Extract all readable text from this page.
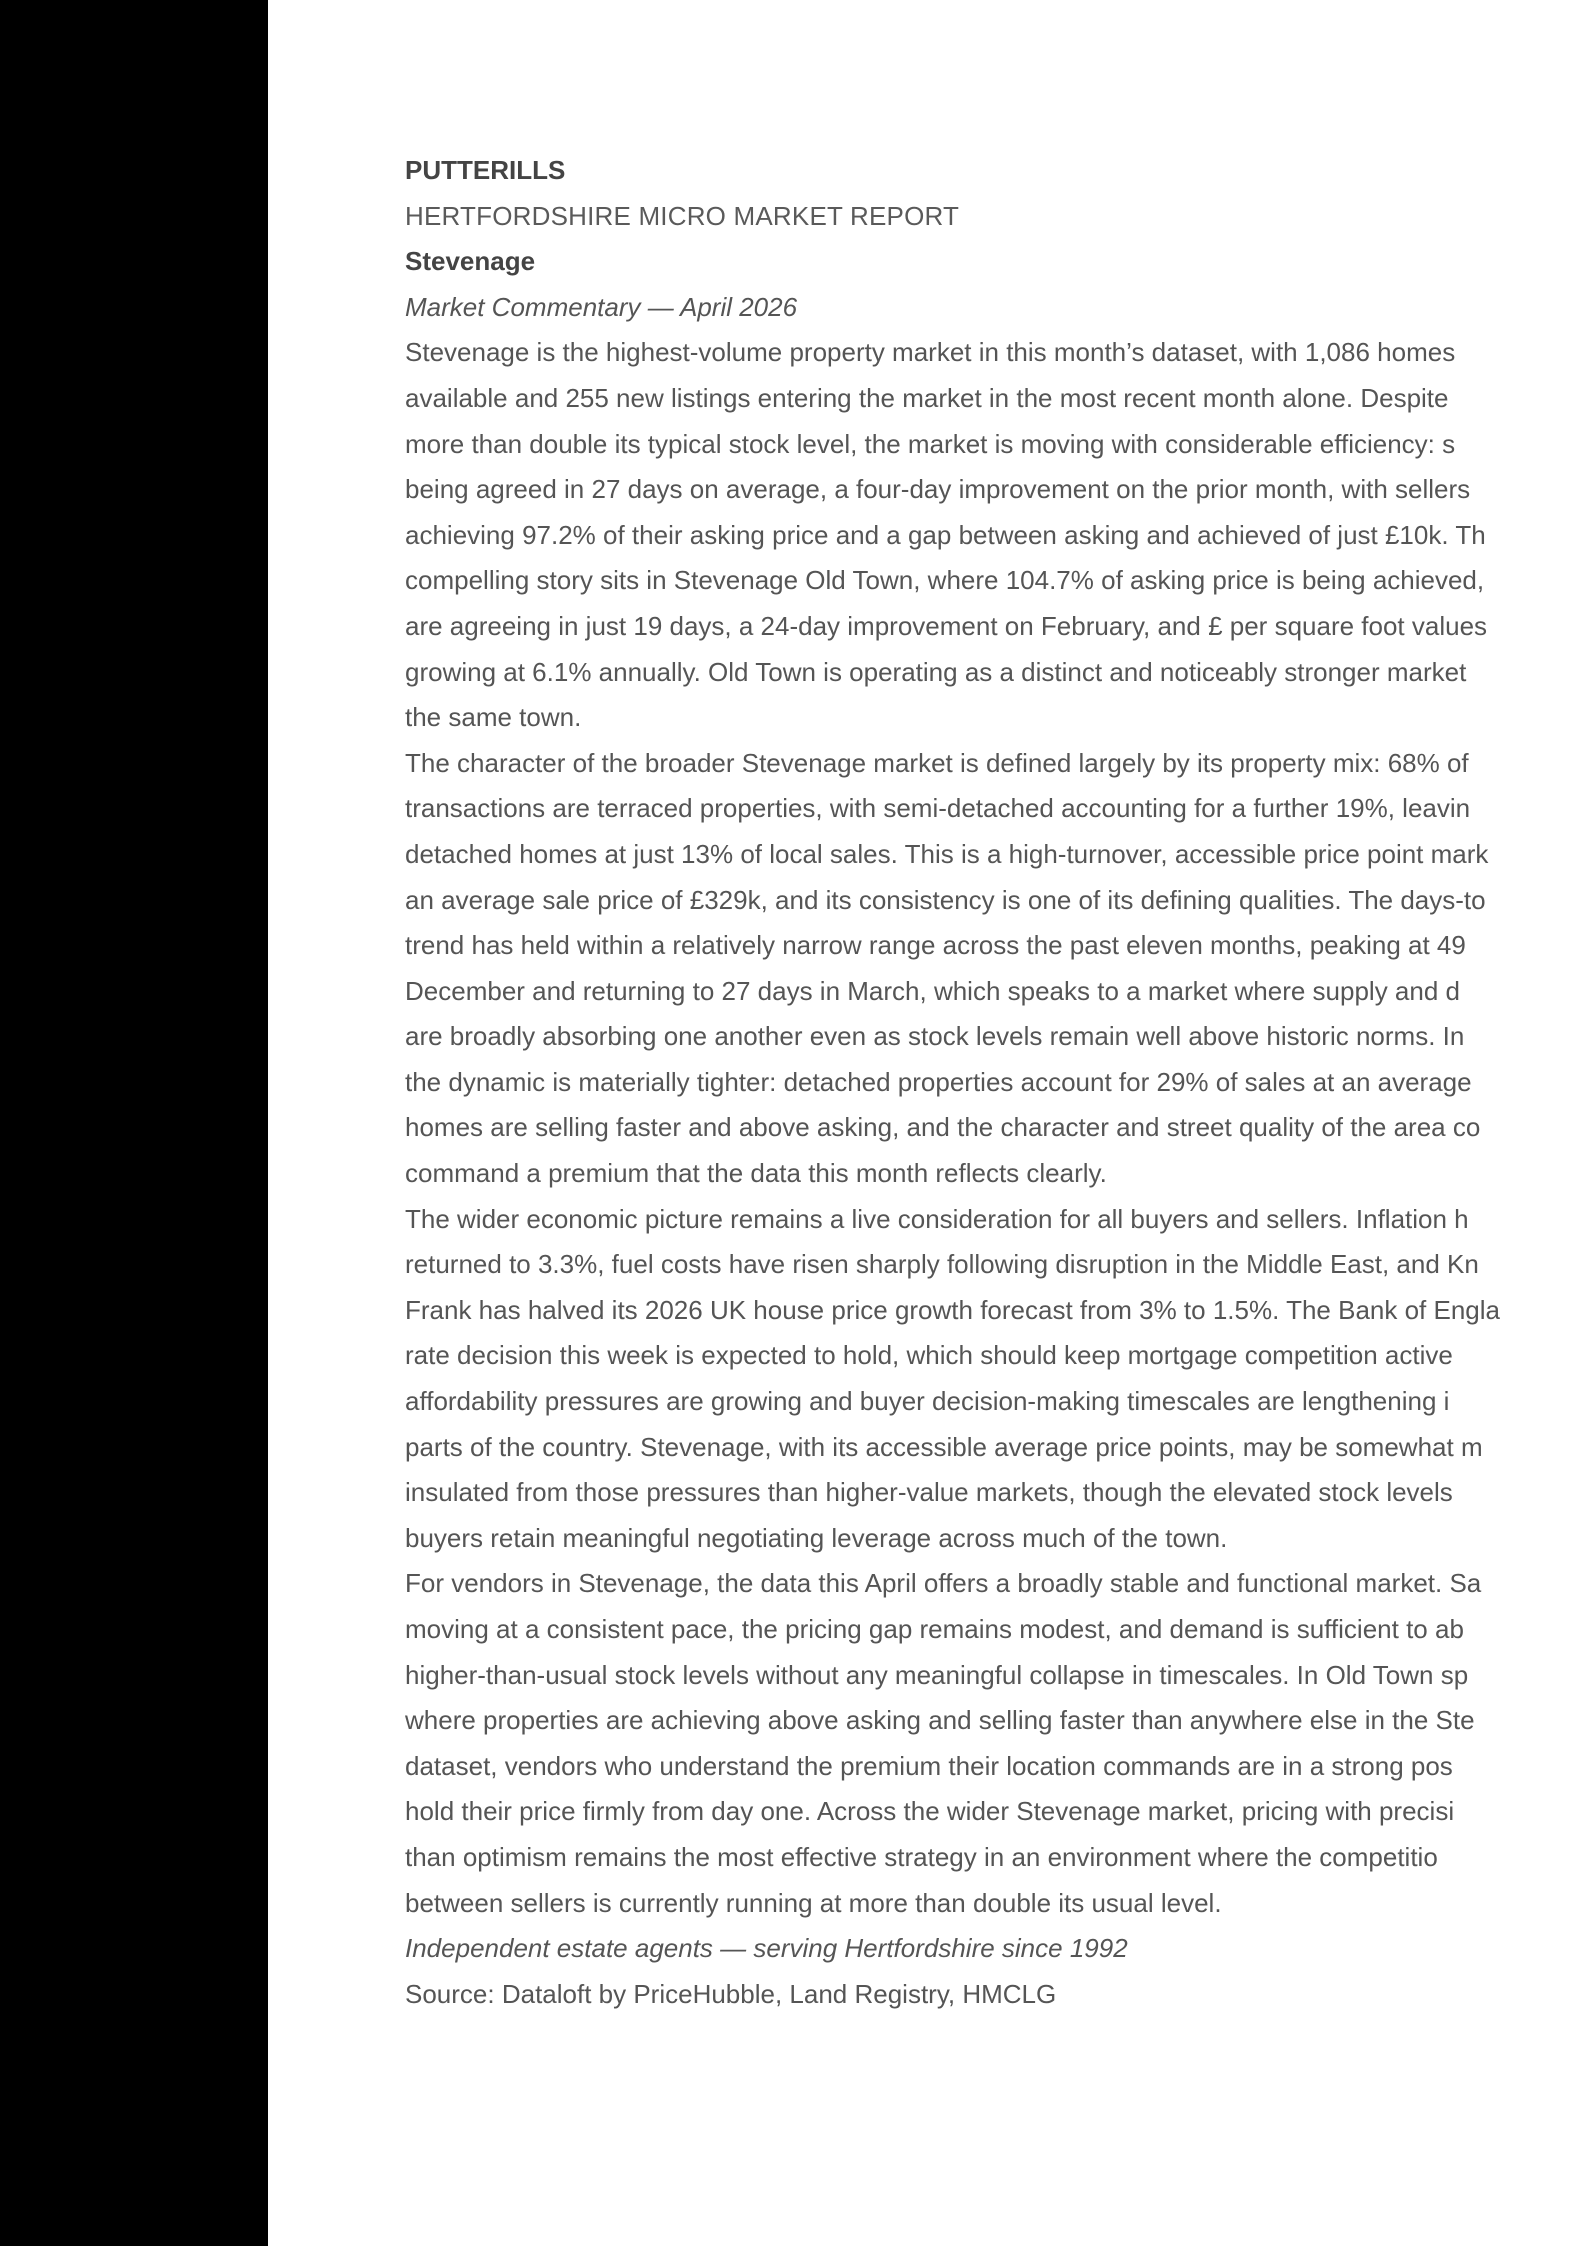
PUTTERILLS
HERTFORDSHIRE MICRO MARKET REPORT
Stevenage
Market Commentary — April 2026
Stevenage is the highest-volume property market in this month’s dataset, with 1,086 homes
available and 255 new listings entering the market in the most recent month alone. Despite
more than double its typical stock level, the market is moving with considerable efficiency: s
being agreed in 27 days on average, a four-day improvement on the prior month, with sellers
achieving 97.2% of their asking price and a gap between asking and achieved of just £10k. Th
compelling story sits in Stevenage Old Town, where 104.7% of asking price is being achieved,
are agreeing in just 19 days, a 24-day improvement on February, and £ per square foot values
growing at 6.1% annually. Old Town is operating as a distinct and noticeably stronger market
the same town.
The character of the broader Stevenage market is defined largely by its property mix: 68% of
transactions are terraced properties, with semi-detached accounting for a further 19%, leavin
detached homes at just 13% of local sales. This is a high-turnover, accessible price point mark
an average sale price of £329k, and its consistency is one of its defining qualities. The days-to
trend has held within a relatively narrow range across the past eleven months, peaking at 49
December and returning to 27 days in March, which speaks to a market where supply and d
are broadly absorbing one another even as stock levels remain well above historic norms. In
the dynamic is materially tighter: detached properties account for 29% of sales at an average
homes are selling faster and above asking, and the character and street quality of the area co
command a premium that the data this month reflects clearly.
The wider economic picture remains a live consideration for all buyers and sellers. Inflation h
returned to 3.3%, fuel costs have risen sharply following disruption in the Middle East, and Kn
Frank has halved its 2026 UK house price growth forecast from 3% to 1.5%. The Bank of Engla
rate decision this week is expected to hold, which should keep mortgage competition active
affordability pressures are growing and buyer decision-making timescales are lengthening i
parts of the country. Stevenage, with its accessible average price points, may be somewhat m
insulated from those pressures than higher-value markets, though the elevated stock levels
buyers retain meaningful negotiating leverage across much of the town.
For vendors in Stevenage, the data this April offers a broadly stable and functional market. Sa
moving at a consistent pace, the pricing gap remains modest, and demand is sufficient to ab
higher-than-usual stock levels without any meaningful collapse in timescales. In Old Town sp
where properties are achieving above asking and selling faster than anywhere else in the Ste
dataset, vendors who understand the premium their location commands are in a strong pos
hold their price firmly from day one. Across the wider Stevenage market, pricing with precisi
than optimism remains the most effective strategy in an environment where the competitio
between sellers is currently running at more than double its usual level.
Independent estate agents — serving Hertfordshire since 1992
Source: Dataloft by PriceHubble, Land Registry, HMCLG
